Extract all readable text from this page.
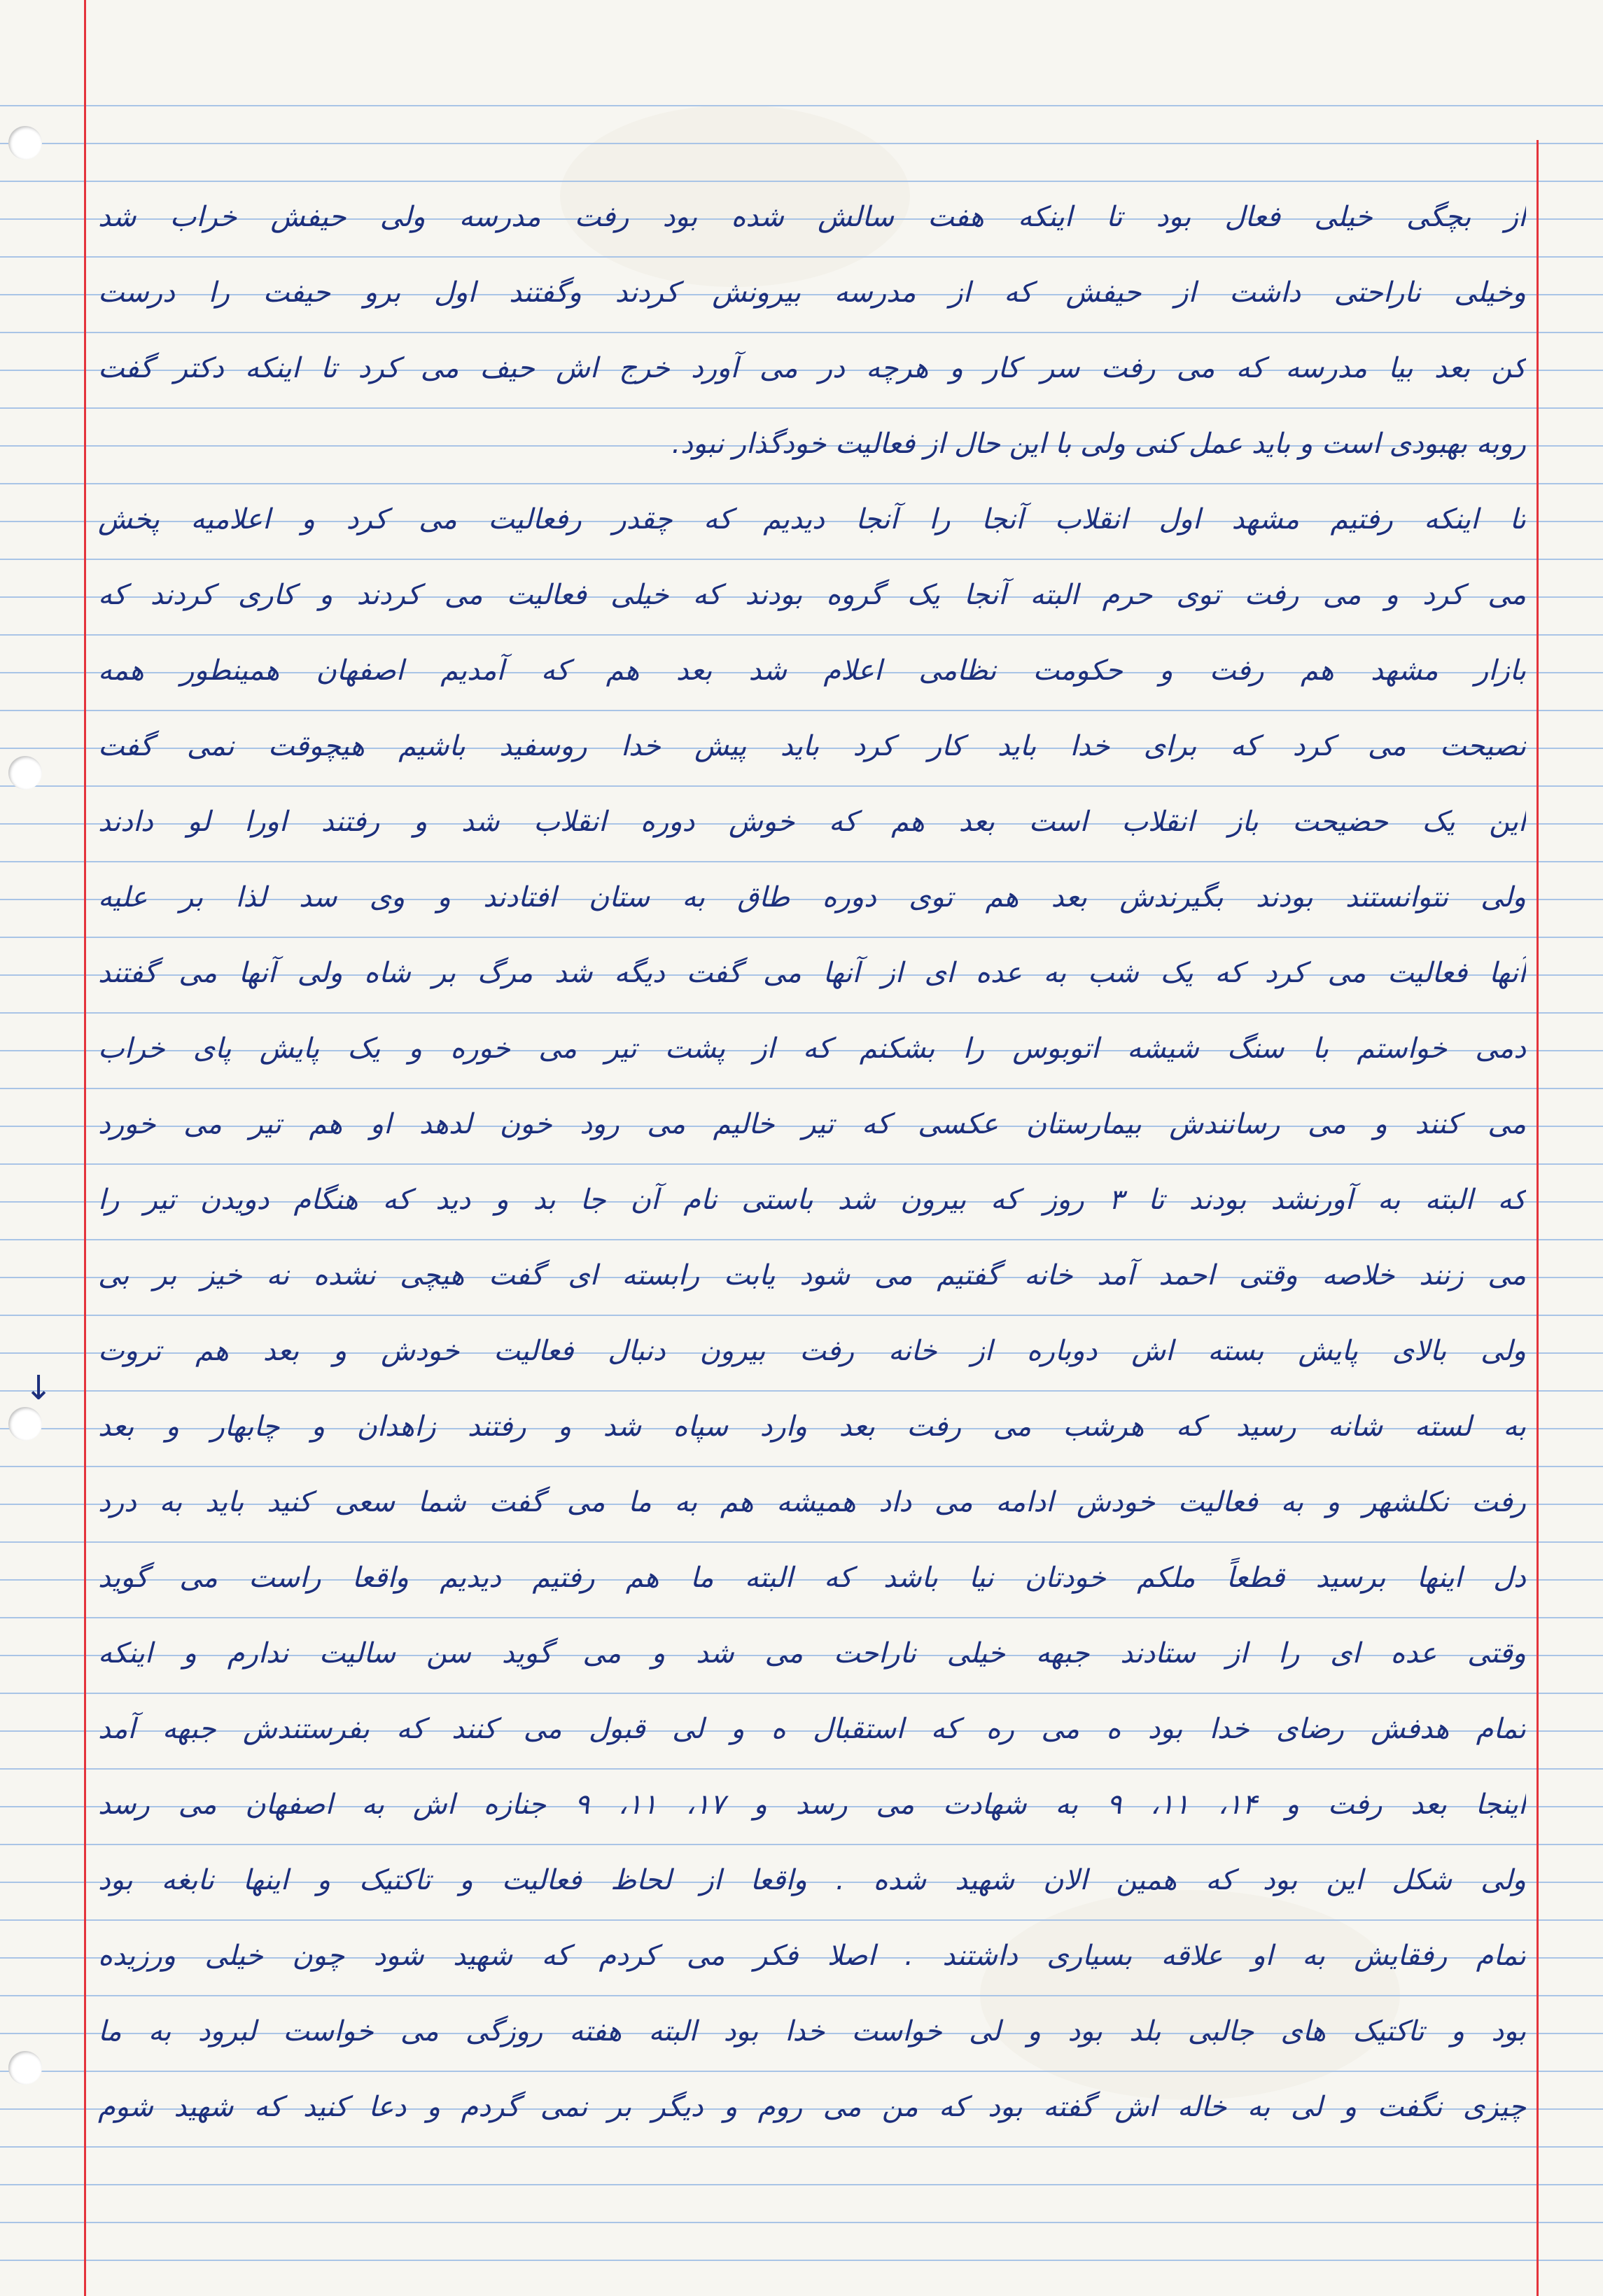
از بچگی خیلی فعال بود تا اینکه هفت سالش شده بود رفت مدرسه ولی حیفش خراب شد
وخیلی ناراحتی داشت از حیفش که از مدرسه بیرونش کردند وگفتند اول برو حیفت را درست
کن بعد بیا مدرسه که می رفت سر کار و هرچه در می آورد خرج اش حیف می کرد تا اینکه دکتر گفت
روبه بهبودی است و باید عمل کنی ولی با این حال از فعالیت خودگذار نبود.
تا اینکه رفتیم مشهد اول انقلاب آنجا را آنجا دیدیم که چقدر رفعالیت می کرد و اعلامیه پخش
می کرد و می رفت توی حرم البته آنجا یک گروه بودند که خیلی فعالیت می کردند و کاری کردند که
بازار مشهد هم رفت و حکومت نظامی اعلام شد بعد هم که آمدیم اصفهان همینطور همه
نصیحت می کرد که برای خدا باید کار کرد باید پیش خدا روسفید باشیم هیچوقت نمی گفت
این یک حضیحت باز انقلاب است بعد هم که خوش دوره انقلاب شد و رفتند اورا لو دادند
ولی نتوانستند بودند بگیرندش بعد هم توی دوره طاق به ستان افتادند و وی سد لذا بر علیه
آنها فعالیت می کرد که یک شب به عده ای از آنها می گفت دیگه شد مرگ بر شاه ولی آنها می گفتند
دمی خواستم با سنگ شیشه اتوبوس را بشکنم که از پشت تیر می خوره و یک پایش پای خراب
می کنند و می رسانندش بیمارستان عکسی که تیر خالیم می رود خون لدهد او هم تیر می خورد
که البته به آورنشد بودند تا ۳ روز که بیرون شد باستی نام آن جا بد و دید که هنگام دویدن تیر را
می زنند خلاصه وقتی احمد آمد خانه گفتیم می شود یابت رابسته ای گفت هیچی نشده نه خیز بر بی
ولی بالای پایش بسته اش دوباره از خانه رفت بیرون دنبال فعالیت خودش و بعد هم تروت
به لسته شانه رسید که هرشب می رفت بعد وارد سپاه شد و رفتند زاهدان و چابهار و بعد
رفت نکلشهر و به فعالیت خودش ادامه می داد همیشه هم به ما می گفت شما سعی کنید باید به درد
دل اینها برسید قطعاً ملکم خودتان نیا باشد که البته ما هم رفتیم دیدیم واقعا راست می گوید
وقتی عده ای را از ستادند جبهه خیلی ناراحت می شد و می گوید سن سالیت ندارم و اینکه
تمام هدفش رضای خدا بود ه می ره که استقبال ه و لی قبول می کنند که بفرستندش جبهه آمد
اینجا بعد رفت و ۱۴، ۱۱، ۹ به شهادت می رسد و ۱۷، ۱۱، ۹ جنازه اش به اصفهان می رسد
ولی شکل این بود که همین الان شهید شده . واقعا از لحاظ فعالیت و تاکتیک و اینها نابغه بود
تمام رفقایش به او علاقه بسیاری داشتند . اصلا فکر می کردم که شهید شود چون خیلی ورزیده
بود و تاکتیک های جالبی بلد بود و لی خواست خدا بود البته هفته روزگی می خواست لبرود به ما
چیزی نگفت و لی به خاله اش گفته بود که من می روم و دیگر بر نمی گردم و دعا کنید که شهید شوم
↓
